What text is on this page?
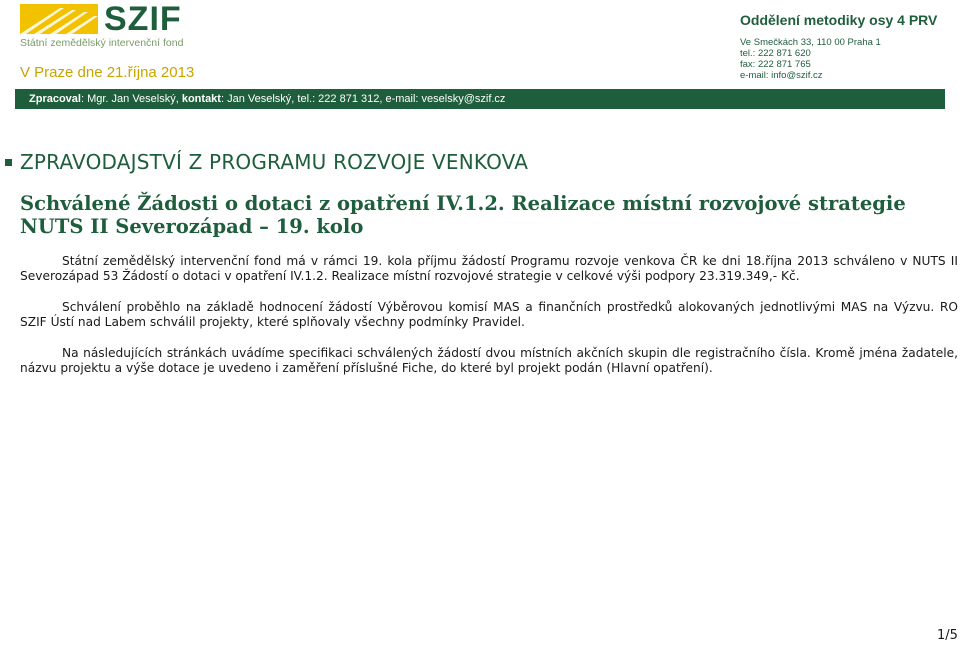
SZIF
Státní zemědělský intervenční fond
V Praze dne 21.října 2013
Oddělení metodiky osy 4 PRV
Ve Smečkách 33, 110 00 Praha 1
tel.: 222 871 620
fax: 222 871 765
e-mail: info@szif.cz
Zpracoval: Mgr. Jan Veselský, kontakt: Jan Veselský, tel.: 222 871 312, e-mail: veselsky@szif.cz
ZPRAVODAJSTVÍ Z PROGRAMU ROZVOJE VENKOVA
Schválené Žádosti o dotaci z opatření IV.1.2. Realizace místní rozvojové strategie NUTS II Severozápad – 19. kolo
Státní zemědělský intervenční fond má v rámci 19. kola příjmu žádostí Programu rozvoje venkova ČR ke dni 18.října 2013 schváleno v NUTS II Severozápad 53 Žádostí o dotaci v opatření IV.1.2. Realizace místní rozvojové strategie v celkové výši podpory 23.319.349,- Kč.
Schválení proběhlo na základě hodnocení žádostí Výběrovou komisí MAS a finančních prostředků alokovaných jednotlivými MAS na Výzvu. RO SZIF Ústí nad Labem schválil projekty, které splňovaly všechny podmínky Pravidel.
Na následujících stránkách uvádíme specifikaci schválených žádostí dvou místních akčních skupin dle registračního čísla. Kromě jména žadatele, názvu projektu a výše dotace je uvedeno i zaměření příslušné Fiche, do které byl projekt podán (Hlavní opatření).
1/5
